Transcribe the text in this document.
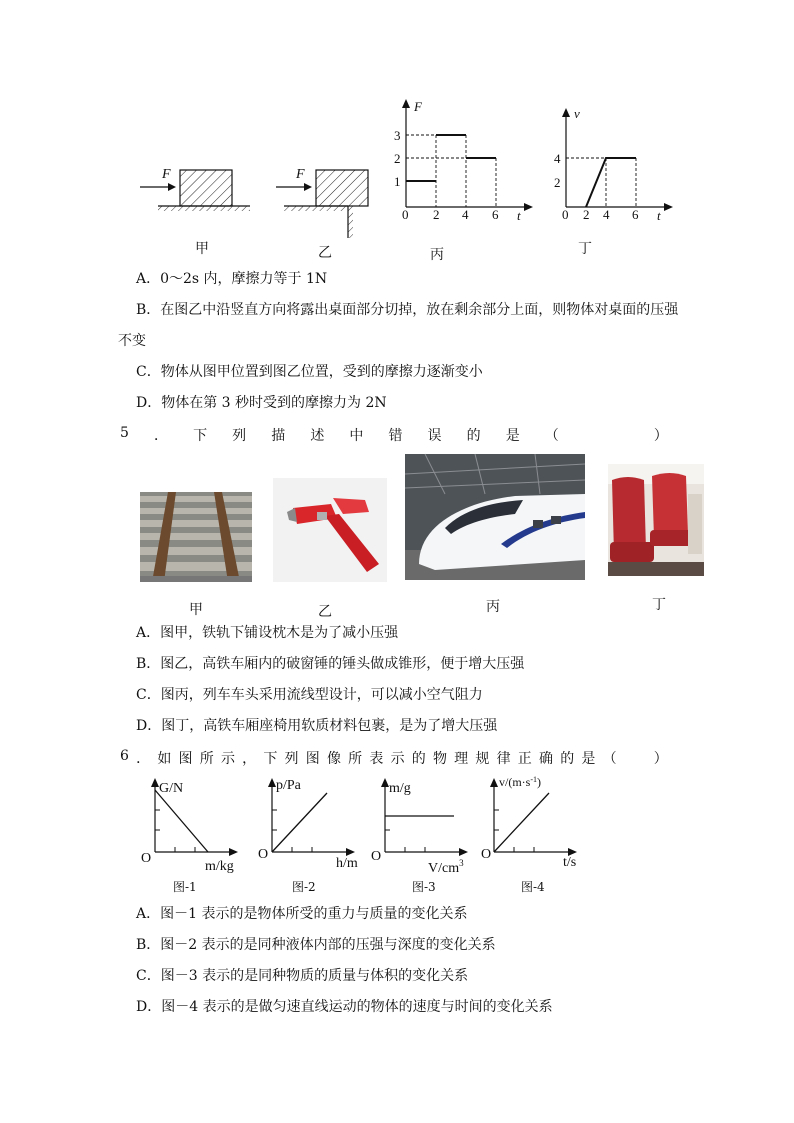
F	F
F
t
1
2
3
0 2 4 6
v
t
2
4
0 2 4 6
甲	乙	丙	丁
A．0～2s 内，摩擦力等于 1N
B．在图乙中沿竖直方向将露出桌面部分切掉，放在剩余部分上面，则物体对桌面的压强
不变
C．物体从图甲位置到图乙位置，受到的摩擦力逐渐变小
D．物体在第 3 秒时受到的摩擦力为 2N
5 ． 下 列 描 述 中 错 误 的 是 （	）
甲	乙	丙	丁
A．图甲，铁轨下铺设枕木是为了减小压强
B．图乙，高铁车厢内的破窗锤的锤头做成锥形，便于增大压强
C．图丙，列车车头采用流线型设计，可以减小空气阻力
D．图丁，高铁车厢座椅用软质材料包裹，是为了增大压强
6 ． 如 图 所 示 ， 下 列 图 像 所 表 示 的 物 理 规 律 正 确 的 是 （	）
G/N
O
m/kg
p/Pa
O
h/m
m/g
O
$V/cm^3$
$v/(m\cdot s^{-1})$
O
t/s
图-1	图-2	图-3	图-4
A．图－1 表示的是物体所受的重力与质量的变化关系
B．图－2 表示的是同种液体内部的压强与深度的变化关系
C．图－3 表示的是同种物质的质量与体积的变化关系
D．图－4 表示的是做匀速直线运动的物体的速度与时间的变化关系
